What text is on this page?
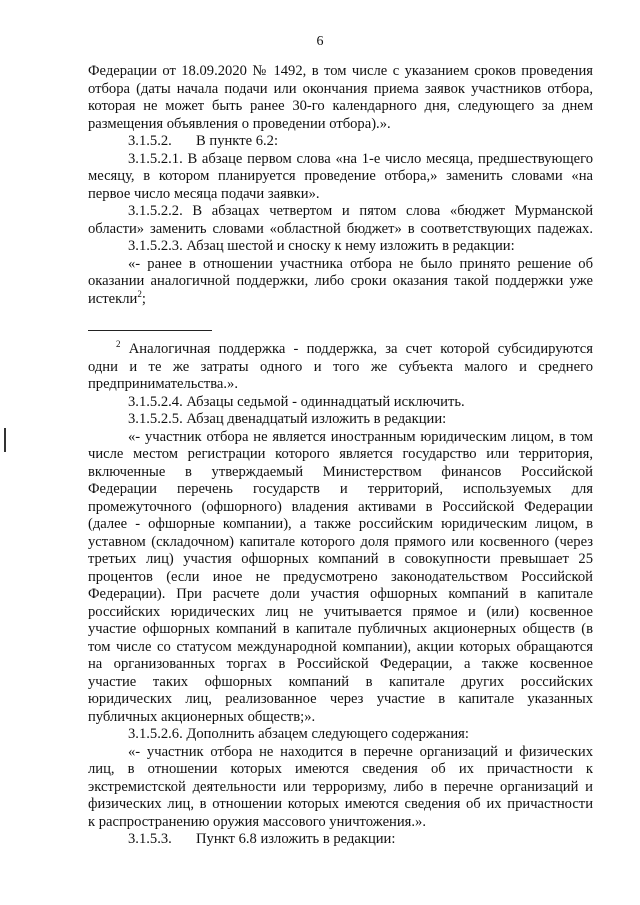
6
Федерации от 18.09.2020 № 1492, в том числе с указанием сроков проведения
отбора (даты начала подачи или окончания приема заявок участников отбора,
которая не может быть ранее 30-го календарного дня, следующего за днем
размещения объявления о проведении отбора).».
3.1.5.2. В пункте 6.2:
3.1.5.2.1. В абзаце первом слова «на 1-е число месяца, предшествующего
месяцу, в котором планируется проведение отбора,» заменить словами «на
первое число месяца подачи заявки».
3.1.5.2.2. В абзацах четвертом и пятом слова «бюджет Мурманской
области» заменить словами «областной бюджет» в соответствующих падежах.
3.1.5.2.3. Абзац шестой и сноску к нему изложить в редакции:
«- ранее в отношении участника отбора не было принято решение об
оказании аналогичной поддержки, либо сроки оказания такой поддержки уже
истекли$^2$;
$^2$ Аналогичная поддержка - поддержка, за счет которой субсидируются
одни и те же затраты одного и того же субъекта малого и среднего
предпринимательства.».
3.1.5.2.4. Абзацы седьмой - одиннадцатый исключить.
3.1.5.2.5. Абзац двенадцатый изложить в редакции:
«- участник отбора не является иностранным юридическим лицом, в том
числе местом регистрации которого является государство или территория,
включенные в утверждаемый Министерством финансов Российской
Федерации перечень государств и территорий, используемых для
промежуточного (офшорного) владения активами в Российской Федерации
(далее - офшорные компании), а также российским юридическим лицом, в
уставном (складочном) капитале которого доля прямого или косвенного (через
третьих лиц) участия офшорных компаний в совокупности превышает 25
процентов (если иное не предусмотрено законодательством Российской
Федерации). При расчете доли участия офшорных компаний в капитале
российских юридических лиц не учитывается прямое и (или) косвенное
участие офшорных компаний в капитале публичных акционерных обществ (в
том числе со статусом международной компании), акции которых обращаются
на организованных торгах в Российской Федерации, а также косвенное
участие таких офшорных компаний в капитале других российских
юридических лиц, реализованное через участие в капитале указанных
публичных акционерных обществ;».
3.1.5.2.6. Дополнить абзацем следующего содержания:
«- участник отбора не находится в перечне организаций и физических
лиц, в отношении которых имеются сведения об их причастности к
экстремистской деятельности или терроризму, либо в перечне организаций и
физических лиц, в отношении которых имеются сведения об их причастности
к распространению оружия массового уничтожения.».
3.1.5.3. Пункт 6.8 изложить в редакции:
